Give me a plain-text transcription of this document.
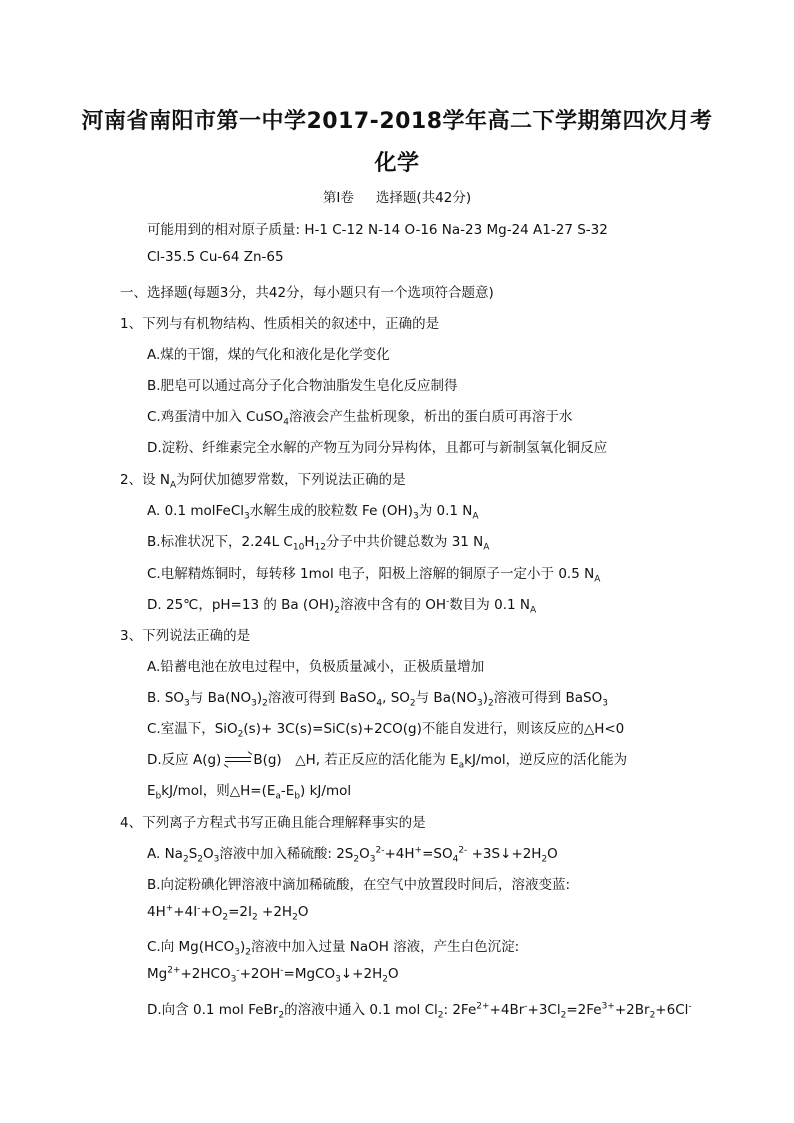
河南省南阳市第一中学2017-2018学年高二下学期第四次月考
化学
第Ⅰ卷 选择题(共42分)
可能用到的相对原子质量: H-1 C-12 N-14 O-16 Na-23 Mg-24 A1-27 S-32
Cl-35.5 Cu-64 Zn-65
一、选择题(每题3分，共42分，每小题只有一个选项符合题意)
1、下列与有机物结构、性质相关的叙述中，正确的是
A.煤的干馏，煤的气化和液化是化学变化
B.肥皂可以通过高分子化合物油脂发生皂化反应制得
C.鸡蛋清中加入 CuSO$_4$溶液会产生盐析现象，析出的蛋白质可再溶于水
D.淀粉、纤维素完全水解的产物互为同分异构体，且都可与新制氢氧化铜反应
2、设 $N_A$为阿伏加德罗常数，下列说法正确的是
A. 0.1 molFeCl$_3$水解生成的胶粒数 Fe $(OH)_3$为 0.1 $N_A$
B.标准状况下，2.24L $C_{10}H_{12}$分子中共价键总数为 31 $N_A$
C.电解精炼铜时，每转移 1mol 电子，阳极上溶解的铜原子一定小于 0.5 $N_A$
D. 25℃，pH=13 的 Ba $(OH)_2$溶液中含有的 OH-数目为 0.1 $N_A$
3、下列说法正确的是
A.铅蓄电池在放电过程中，负极质量减小，正极质量增加
B. $SO_3$与 $Ba(NO_3)_2$溶液可得到 BaSO$_4$, $SO_2$与 $Ba(NO_3)_2$溶液可得到 BaSO$_3$
C.室温下，SiO$_2$(s)+ 3C(s)=SiC(s)+2CO(g)不能自发进行，则该反应的△H<0
D.反应 A(g) B(g)　△H, 若正反应的活化能为 $E_akJ$/mol，逆反应的活化能为
$E_bkJ$/mol，则$\triangle H=(E_a-E_b)$ kJ/mol
4、下列离子方程式书写正确且能合理解释事实的是
A. $Na_2S_2O_3$溶液中加入稀硫酸: $2S_2O_3^{2-}+4H^+=SO_4^{2-}$ $+3S↓+2H_2O$
B.向淀粉碘化钾溶液中滴加稀硫酸，在空气中放置段时间后，溶液变蓝:
$4H^++4I^-+O_2=2I_2 +2H_2O$
C.向 $Mg(HCO_3)_2$溶液中加入过量 NaOH 溶液，产生白色沉淀:
$Mg^{2+}+2HCO_3^-+2OH^-=MgCO_3↓+2H_2O$
D.向含 0.1 mol FeBr$_2$的溶液中通入 0.1 mol $Cl_2$: $2Fe^{2+}+4Br^-+3Cl_2=2Fe^{3+}+2Br_2+6Cl^-$
